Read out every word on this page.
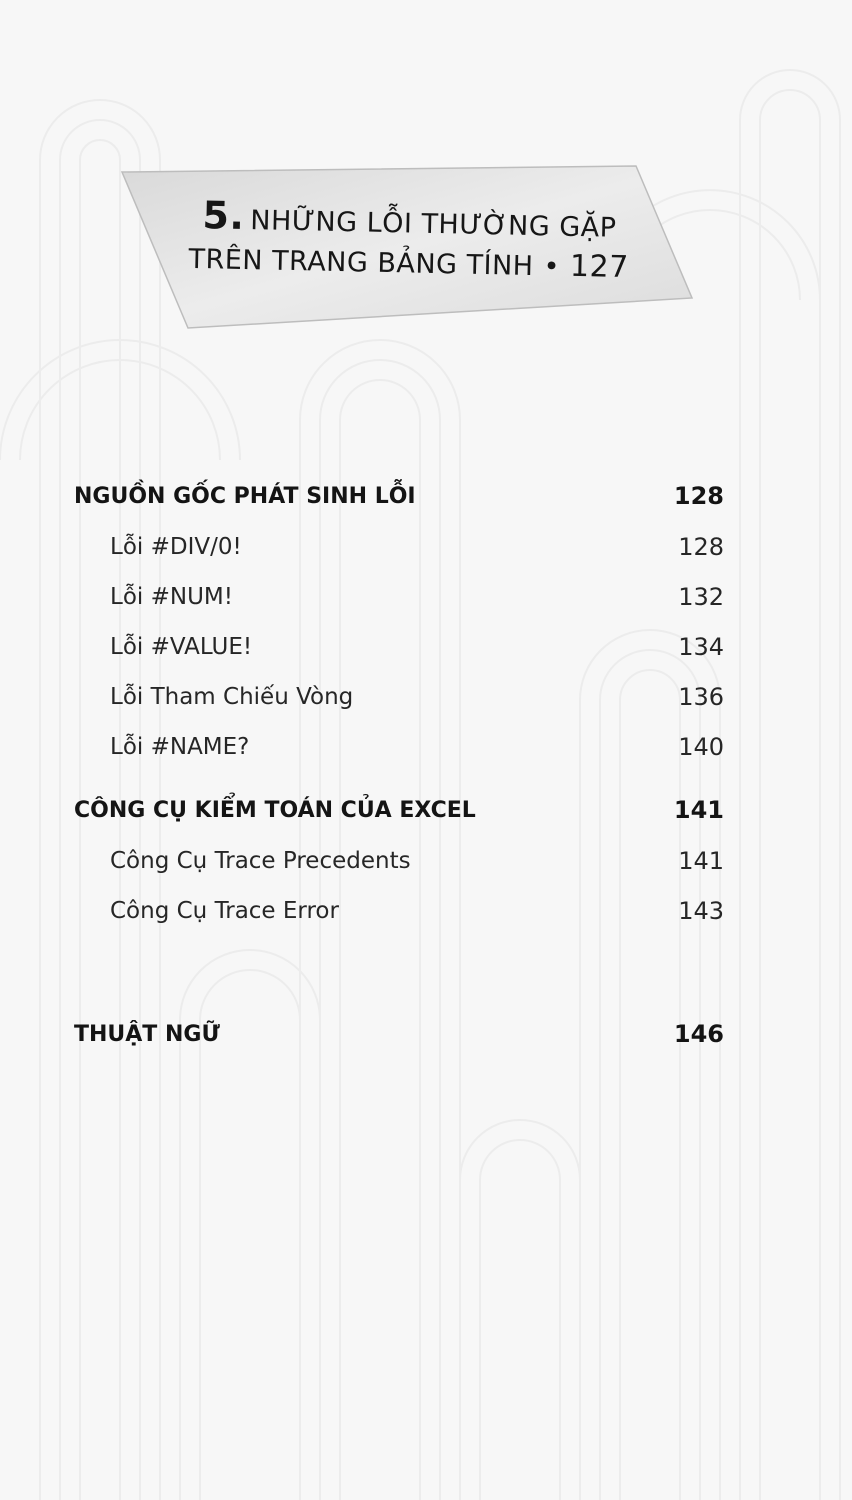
5. NHỮNG LỖI THƯỜNG GẶP
TRÊN TRANG BẢNG TÍNH • 127
NGUỒN GỐC PHÁT SINH LỖI	128
Lỗi #DIV/0!	128
Lỗi #NUM!	132
Lỗi #VALUE!	134
Lỗi Tham Chiếu Vòng	136
Lỗi #NAME?	140
CÔNG CỤ KIỂM TOÁN CỦA EXCEL	141
Công Cụ Trace Precedents	141
Công Cụ Trace Error	143
THUẬT NGỮ	146
